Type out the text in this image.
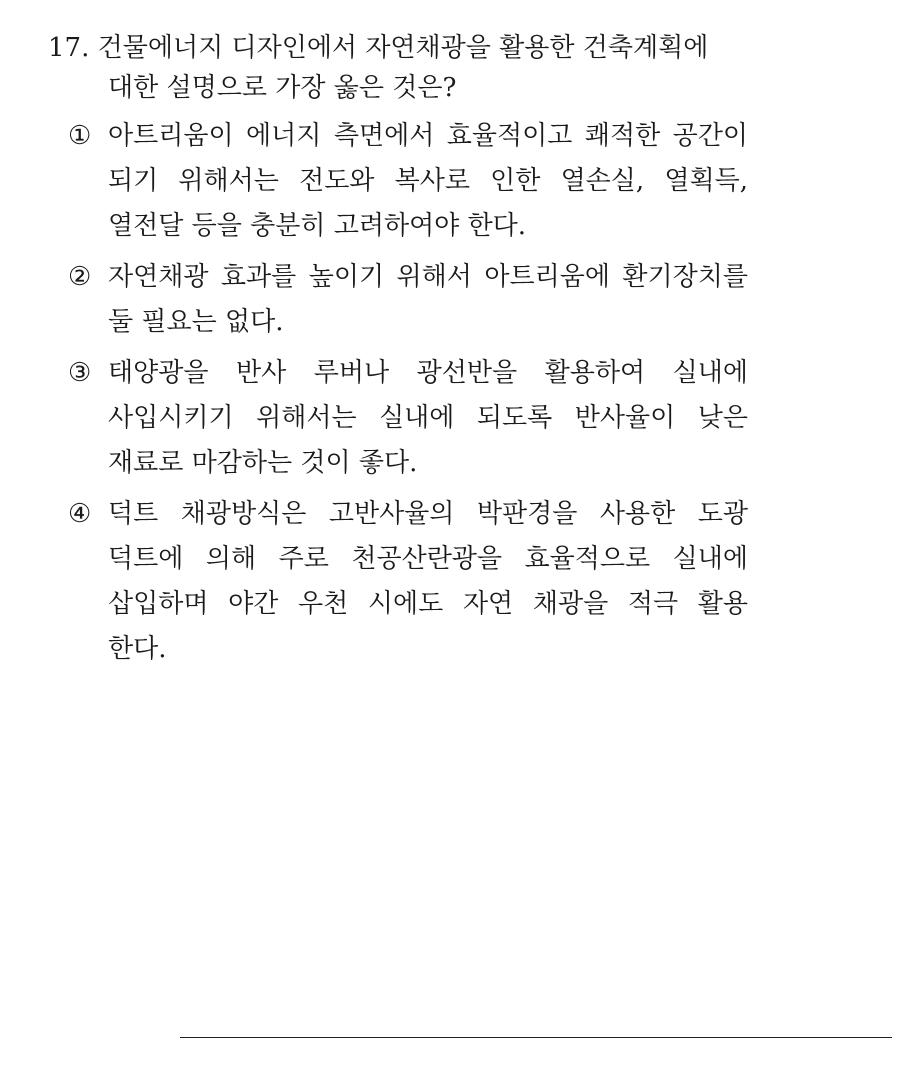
17. 건물에너지 디자인에서 자연채광을 활용한 건축계획에
대한 설명으로 가장 옳은 것은?
① 아트리움이 에너지 측면에서 효율적이고 쾌적한 공간이
되기 위해서는 전도와 복사로 인한 열손실, 열획득,
열전달 등을 충분히 고려하여야 한다.
② 자연채광 효과를 높이기 위해서 아트리움에 환기장치를
둘 필요는 없다.
③ 태양광을 반사 루버나 광선반을 활용하여 실내에
사입시키기 위해서는 실내에 되도록 반사율이 낮은
재료로 마감하는 것이 좋다.
④ 덕트 채광방식은 고반사율의 박판경을 사용한 도광
덕트에 의해 주로 천공산란광을 효율적으로 실내에
삽입하며 야간 우천 시에도 자연 채광을 적극 활용
한다.
